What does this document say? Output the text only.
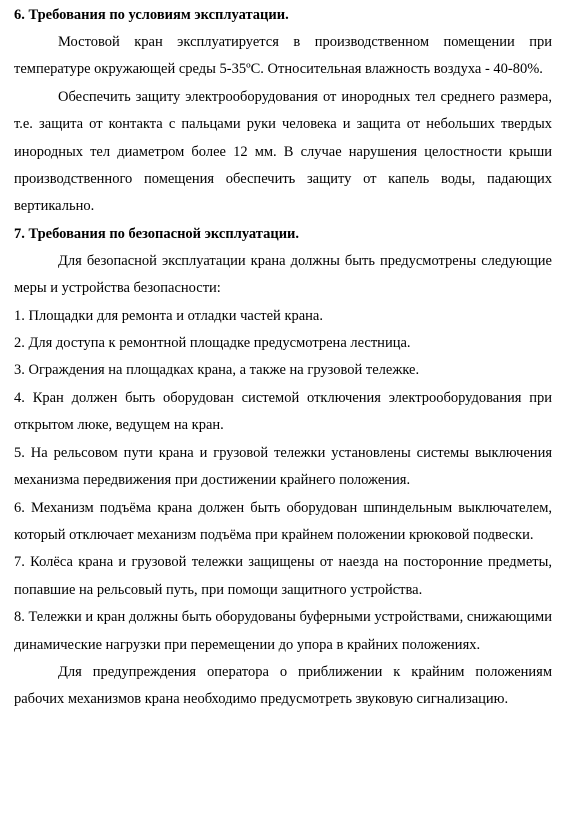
6. Требования по условиям эксплуатации.

Мостовой кран эксплуатируется в производственном помещении при температуре окружающей среды 5-35ºС. Относительная влажность воздуха - 40-80%.

Обеспечить защиту электрооборудования от инородных тел среднего размера, т.е. защита от контакта с пальцами руки человека и защита от небольших твердых инородных тел диаметром более 12 мм. В случае нарушения целостности крыши производственного помещения обеспечить защиту от капель воды, падающих вертикально.

7. Требования по безопасной эксплуатации.

Для безопасной эксплуатации крана должны быть предусмотрены следующие меры и устройства безопасности:

1. Площадки для ремонта и отладки частей крана.

2. Для доступа к ремонтной площадке предусмотрена лестница.

3. Ограждения на площадках крана, а также на грузовой тележке.

4. Кран должен быть оборудован системой отключения электрооборудования при открытом люке, ведущем на кран.

5. На рельсовом пути крана и грузовой тележки установлены системы выключения механизма передвижения при достижении крайнего положения.

6. Механизм подъёма крана должен быть оборудован шпиндельным выключателем, который отключает механизм подъёма при крайнем положении крюковой подвески.

7. Колёса крана и грузовой тележки защищены от наезда на посторонние предметы, попавшие на рельсовый путь, при помощи защитного устройства.

8. Тележки и кран должны быть оборудованы буферными устройствами, снижающими динамические нагрузки при перемещении до упора в крайних положениях.

Для предупреждения оператора о приближении к крайним положениям рабочих механизмов крана необходимо предусмотреть звуковую сигнализацию.
